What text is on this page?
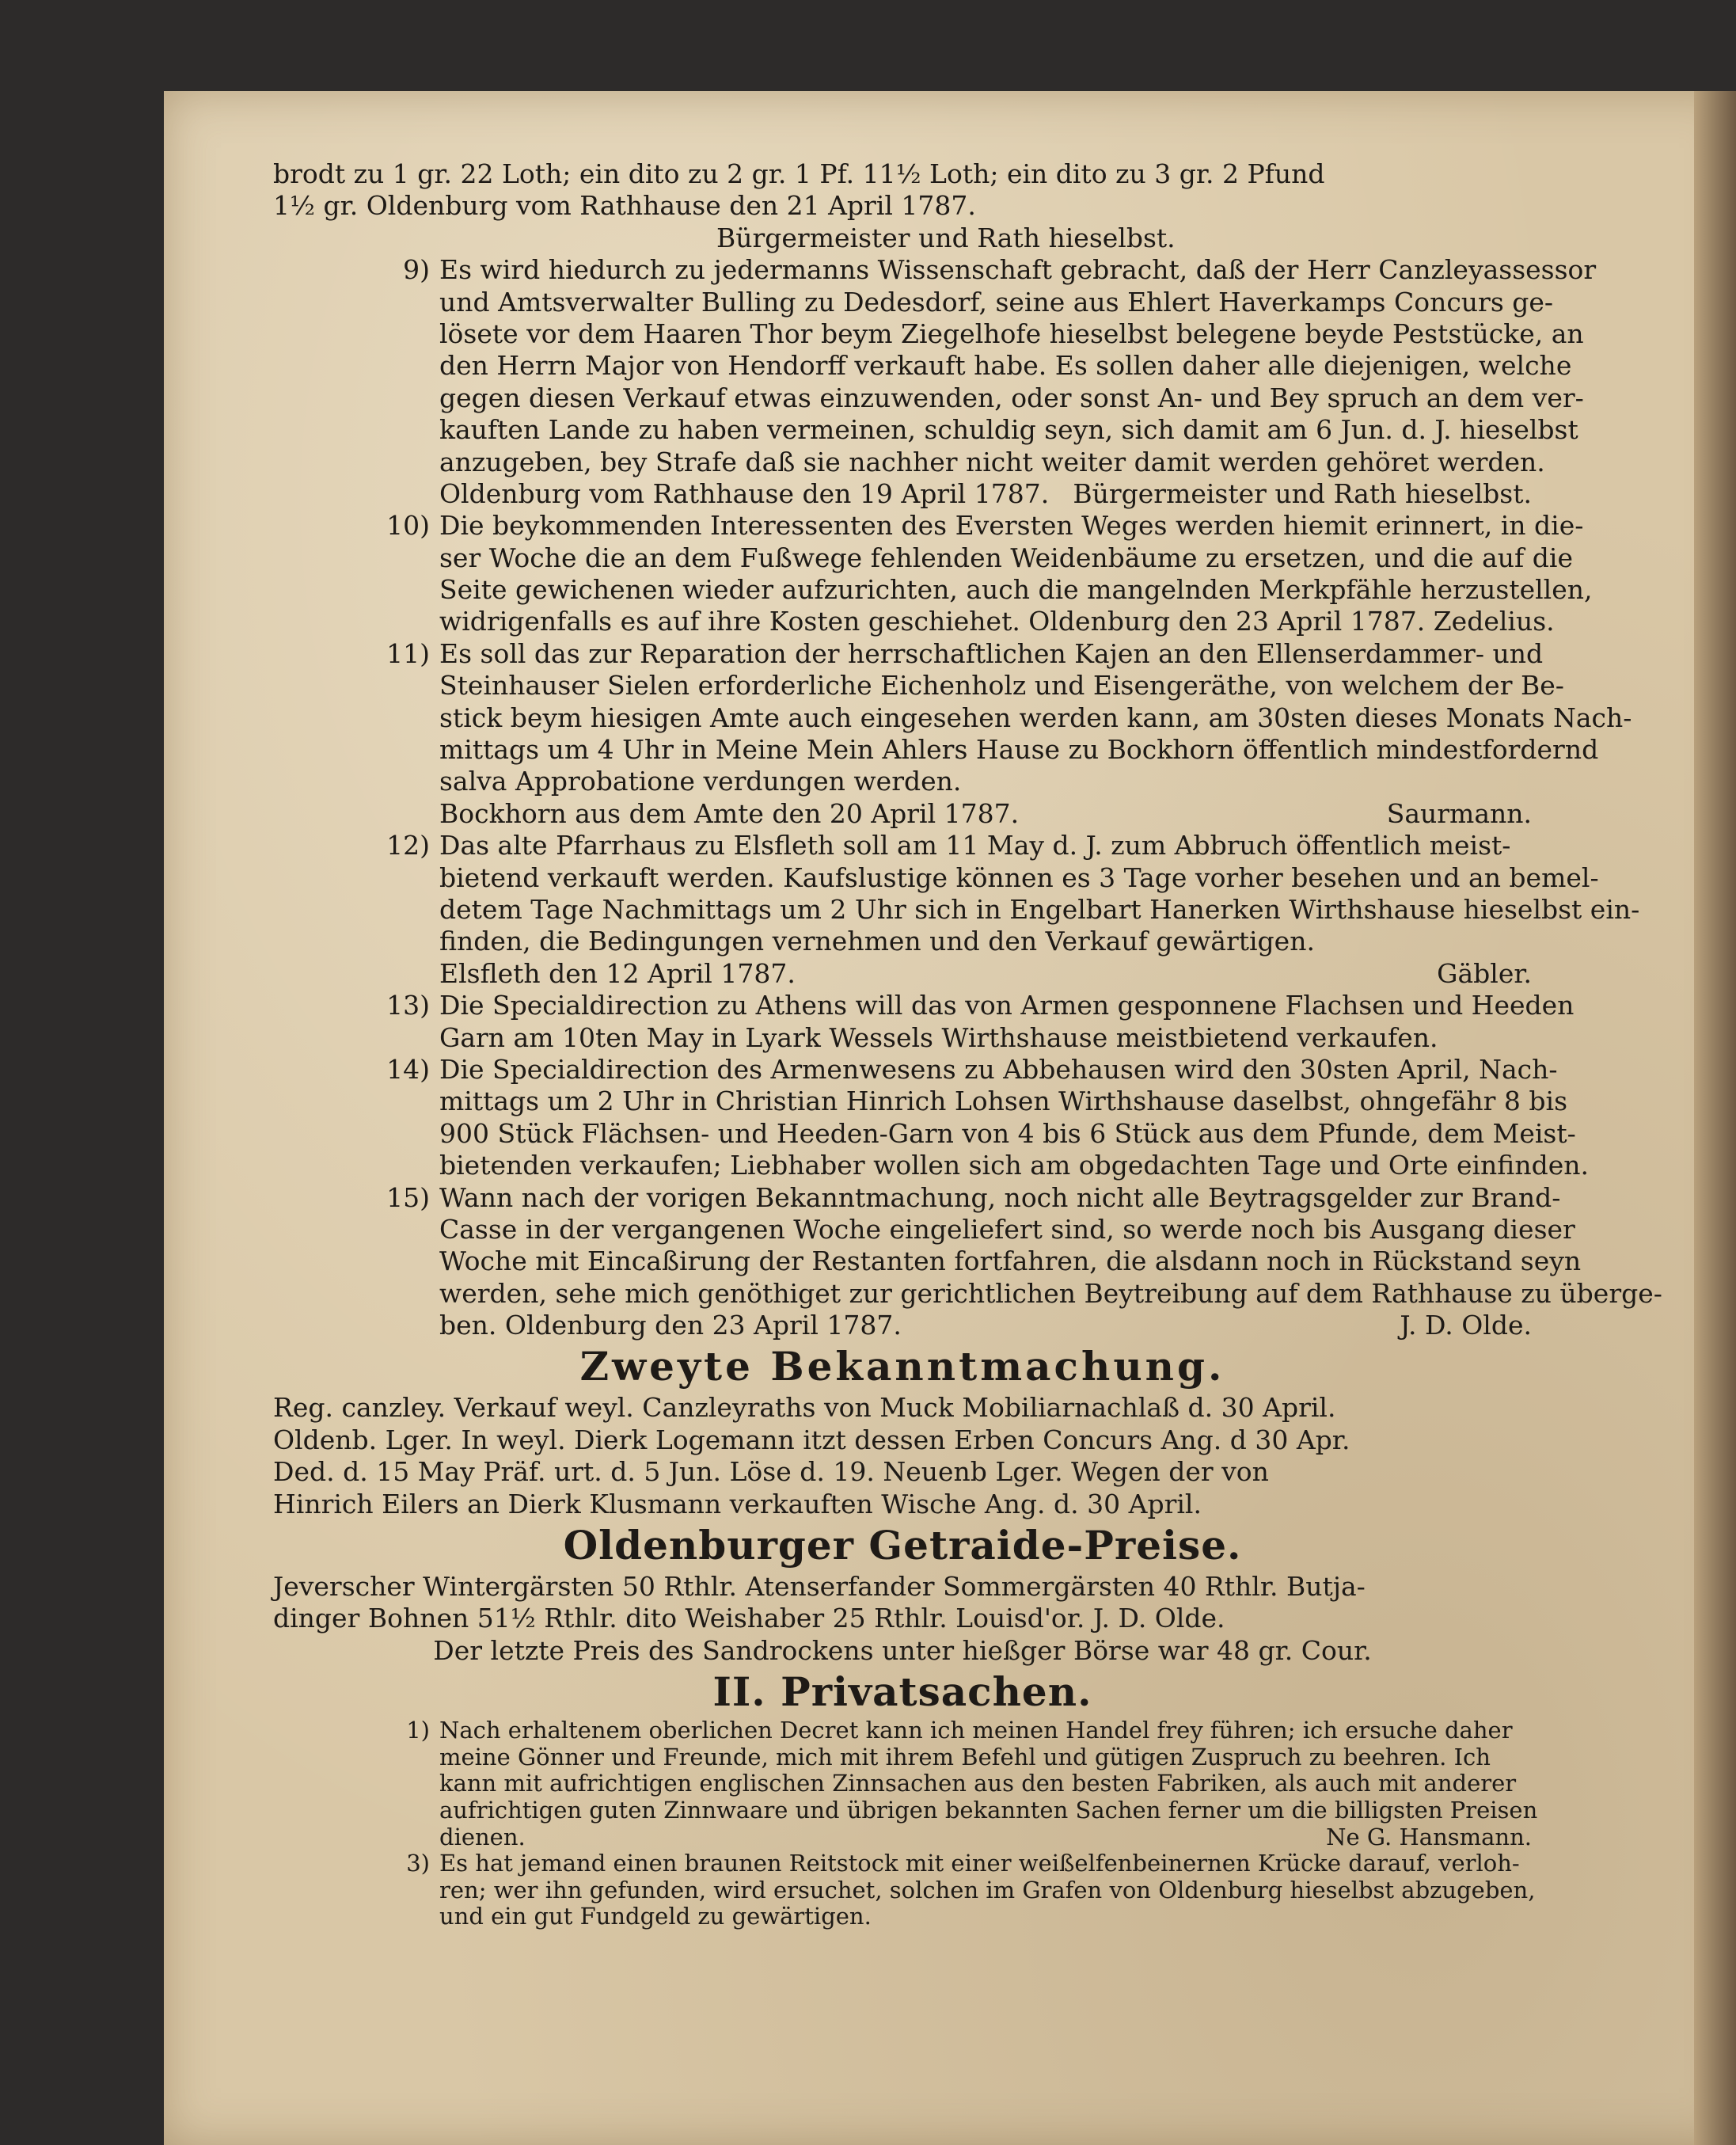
brodt zu 1 gr. 22 Loth; ein dito zu 2 gr. 1 Pf. 11½ Loth; ein dito zu 3 gr. 2 Pfund
1½ gr. Oldenburg vom Rathhause den 21 April 1787.
Bürgermeister und Rath hieselbst.
9) Es wird hiedurch zu jedermanns Wissenschaft gebracht, daß der Herr Canzleyassessor
und Amtsverwalter Bulling zu Dedesdorf, seine aus Ehlert Haverkamps Concurs ge-
lösete vor dem Haaren Thor beym Ziegelhofe hieselbst belegene beyde Peststücke, an
den Herrn Major von Hendorff verkauft habe. Es sollen daher alle diejenigen, welche
gegen diesen Verkauf etwas einzuwenden, oder sonst An- und Bey spruch an dem ver-
kauften Lande zu haben vermeinen, schuldig seyn, sich damit am 6 Jun. d. J. hieselbst
anzugeben, bey Strafe daß sie nachher nicht weiter damit werden gehöret werden.
Oldenburg vom Rathhause den 19 April 1787. Bürgermeister und Rath hieselbst.
10) Die beykommenden Interessenten des Eversten Weges werden hiemit erinnert, in die-
ser Woche die an dem Fußwege fehlenden Weidenbäume zu ersetzen, und die auf die
Seite gewichenen wieder aufzurichten, auch die mangelnden Merkpfähle herzustellen,
widrigenfalls es auf ihre Kosten geschiehet. Oldenburg den 23 April 1787. Zedelius.
11) Es soll das zur Reparation der herrschaftlichen Kajen an den Ellenserdammer- und
Steinhauser Sielen erforderliche Eichenholz und Eisengeräthe, von welchem der Be-
stick beym hiesigen Amte auch eingesehen werden kann, am 30sten dieses Monats Nach-
mittags um 4 Uhr in Meine Mein Ahlers Hause zu Bockhorn öffentlich mindestfordernd
salva Approbatione verdungen werden.
Bockhorn aus dem Amte den 20 April 1787.	Saurmann.
12) Das alte Pfarrhaus zu Elsfleth soll am 11 May d. J. zum Abbruch öffentlich meist-
bietend verkauft werden. Kaufslustige können es 3 Tage vorher besehen und an bemel-
detem Tage Nachmittags um 2 Uhr sich in Engelbart Hanerken Wirthshause hieselbst ein-
finden, die Bedingungen vernehmen und den Verkauf gewärtigen.
Elsfleth den 12 April 1787.	Gäbler.
13) Die Specialdirection zu Athens will das von Armen gesponnene Flachsen und Heeden
Garn am 10ten May in Lyark Wessels Wirthshause meistbietend verkaufen.
14) Die Specialdirection des Armenwesens zu Abbehausen wird den 30sten April, Nach-
mittags um 2 Uhr in Christian Hinrich Lohsen Wirthshause daselbst, ohngefähr 8 bis
900 Stück Flächsen- und Heeden-Garn von 4 bis 6 Stück aus dem Pfunde, dem Meist-
bietenden verkaufen; Liebhaber wollen sich am obgedachten Tage und Orte einfinden.
15) Wann nach der vorigen Bekanntmachung, noch nicht alle Beytragsgelder zur Brand-
Casse in der vergangenen Woche eingeliefert sind, so werde noch bis Ausgang dieser
Woche mit Eincaßirung der Restanten fortfahren, die alsdann noch in Rückstand seyn
werden, sehe mich genöthiget zur gerichtlichen Beytreibung auf dem Rathhause zu überge-
ben. Oldenburg den 23 April 1787.	J. D. Olde.
Zweyte Bekanntmachung.
Reg. canzley. Verkauf weyl. Canzleyraths von Muck Mobiliarnachlaß d. 30 April.
Oldenb. Lger. In weyl. Dierk Logemann itzt dessen Erben Concurs Ang. d 30 Apr.
Ded. d. 15 May Präf. urt. d. 5 Jun. Löse d. 19. Neuenb Lger. Wegen der von
Hinrich Eilers an Dierk Klusmann verkauften Wische Ang. d. 30 April.
Oldenburger Getraide-Preise.
Jeverscher Wintergärsten 50 Rthlr. Atenserfander Sommergärsten 40 Rthlr. Butja-
dinger Bohnen 51½ Rthlr. dito Weishaber 25 Rthlr. Louisd'or. J. D. Olde.
Der letzte Preis des Sandrockens unter hießger Börse war 48 gr. Cour.
II. Privatsachen.
1) Nach erhaltenem oberlichen Decret kann ich meinen Handel frey führen; ich ersuche daher
meine Gönner und Freunde, mich mit ihrem Befehl und gütigen Zuspruch zu beehren. Ich
kann mit aufrichtigen englischen Zinnsachen aus den besten Fabriken, als auch mit anderer
aufrichtigen guten Zinnwaare und übrigen bekannten Sachen ferner um die billigsten Preisen
dienen.	Ne G. Hansmann.
3) Es hat jemand einen braunen Reitstock mit einer weißelfenbeinernen Krücke darauf, verloh-
ren; wer ihn gefunden, wird ersuchet, solchen im Grafen von Oldenburg hieselbst abzugeben,
und ein gut Fundgeld zu gewärtigen.
